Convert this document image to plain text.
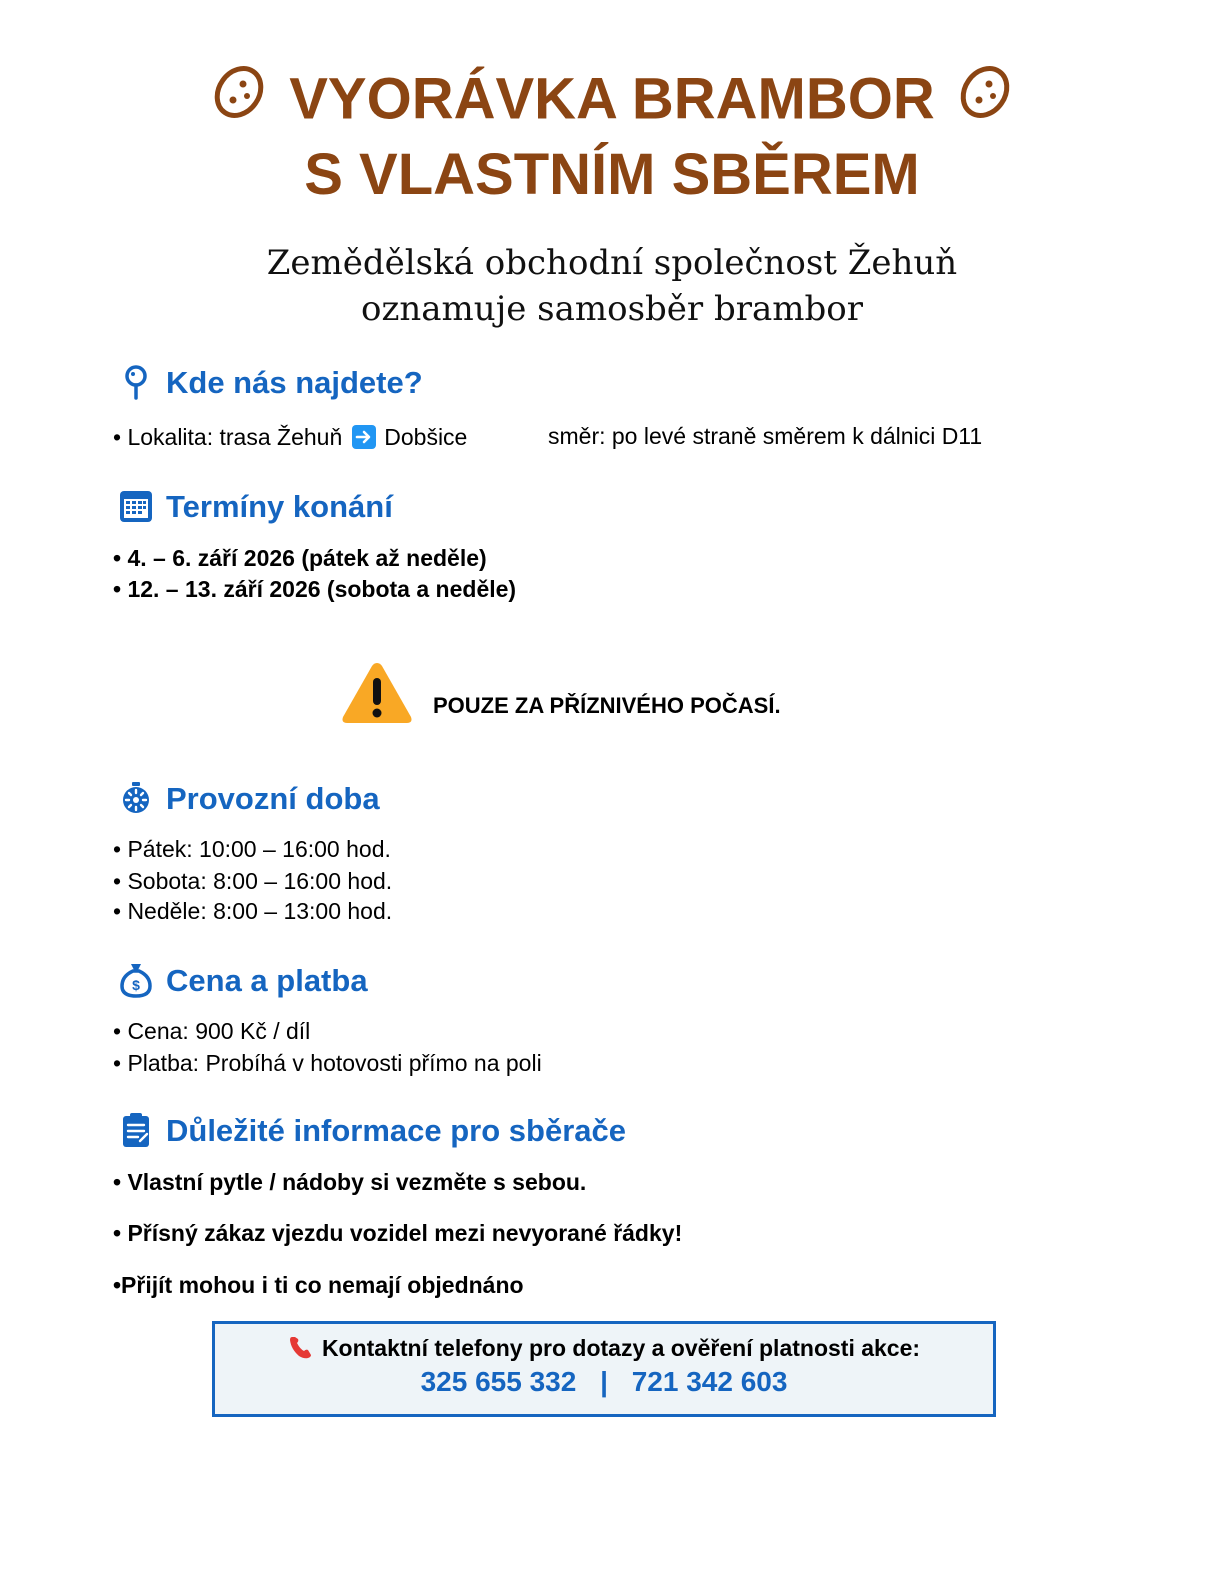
VYORÁVKA BRAMBOR
S VLASTNÍM SBĚREM
Zemědělská obchodní společnost Žehuň
oznamuje samosběr brambor
Kde nás najdete?
• Lokalita: trasa Žehuň Dobšice	směr: po levé straně směrem k dálnici D11
Termíny konání
• 4. – 6. září 2026 (pátek až neděle)
• 12. – 13. září 2026 (sobota a neděle)
POUZE ZA PŘÍZNIVÉHO POČASÍ.
Provozní doba
• Pátek: 10:00 – 16:00 hod.
• Sobota: 8:00 – 16:00 hod.
• Neděle: 8:00 – 13:00 hod.
$ Cena a platba
• Cena: 900 Kč / díl
• Platba: Probíhá v hotovosti přímo na poli
Důležité informace pro sběrače
• Vlastní pytle / nádoby si vezměte s sebou.
• Přísný zákaz vjezdu vozidel mezi nevyorané řádky!
•Přijít mohou i ti co nemají objednáno
Kontaktní telefony pro dotazy a ověření platnosti akce:
325 655 332 | 721 342 603
